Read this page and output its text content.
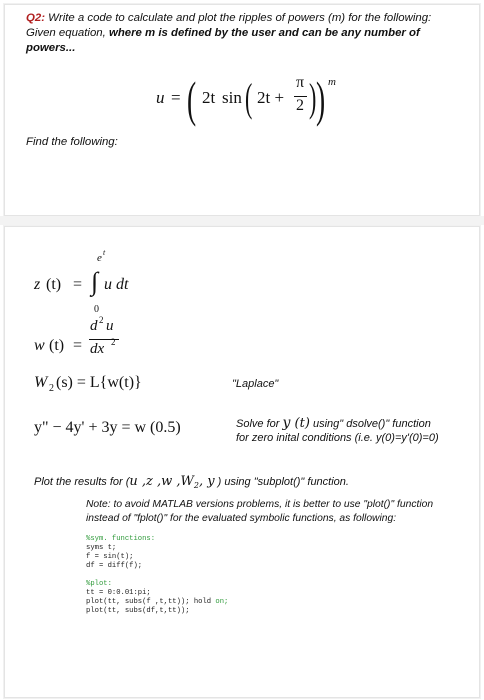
Q2: Write a code to calculate and plot the ripples of powers (m) for the following:
Given equation, where m is defined by the user and can be any number of
powers...
u = ( 2t sin ( 2t +
π
2 ) ) m
Find the following:
z (t) = ∫
e t
0
u dt
w (t) =
d 2 u
dx 2
W 2 (s) = L{w(t)}	"Laplace"
y" − 4y' + 3y = w (0.5)	Solve for y (t) using" dsolve()" function
for zero inital conditions (i.e. y(0)=y'(0)=0)
Plot the results for (u ,z ,w $,W_2$, y ) using "subplot()" function.
Note: to avoid MATLAB versions problems, it is better to use "plot()" function
instead of "fplot()" for the evaluated symbolic functions, as following:
%sym. functions:
syms t;
f = sin(t);
df = diff(f);
%plot:
tt = 0:0.01:pi;
plot(tt, subs(f ,t,tt)); hold on;
plot(tt, subs(df,t,tt));
